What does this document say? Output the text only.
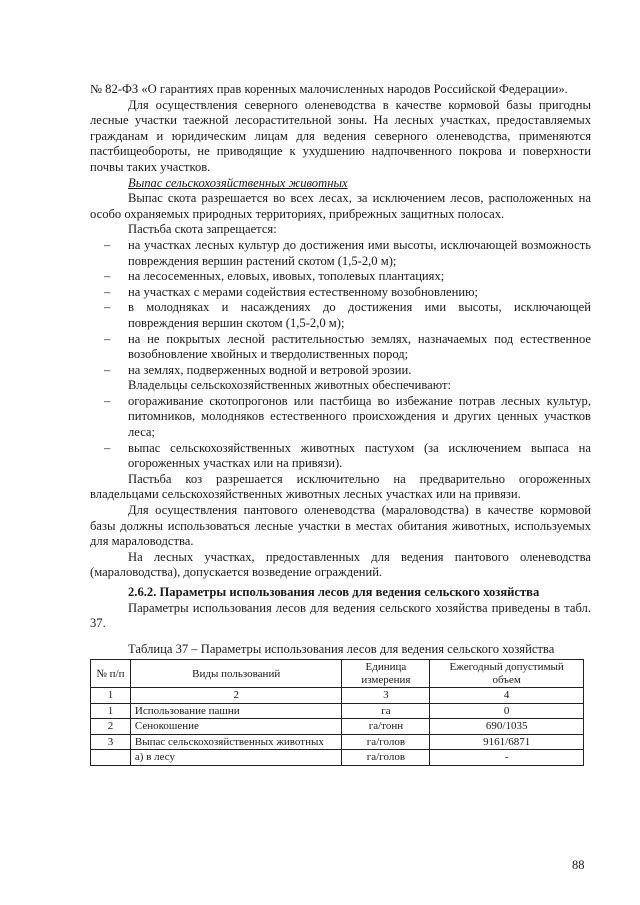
№ 82-ФЗ «О гарантиях прав коренных малочисленных народов Российской Федерации».

Для осуществления северного оленеводства в качестве кормовой базы пригодны лесные участки таежной лесорастительной зоны. На лесных участках, предоставляемых гражданам и юридическим лицам для ведения северного оленеводства, применяются пастбищеобороты, не приводящие к ухудшению надпочвенного покрова и поверхности почвы таких участков.

Выпас сельскохозяйственных животных

Выпас скота разрешается во всех лесах, за исключением лесов, расположенных на особо охраняемых природных территориях, прибрежных защитных полосах.

Пастьба скота запрещается:

– на участках лесных культур до достижения ими высоты, исключающей возможность повреждения вершин растений скотом (1,5-2,0 м);

– на лесосеменных, еловых, ивовых, тополевых плантациях;

– на участках с мерами содействия естественному возобновлению;

– в молодняках и насаждениях до достижения ими высоты, исключающей повреждения вершин скотом (1,5-2,0 м);

– на не покрытых лесной растительностью землях, назначаемых под естественное возобновление хвойных и твердолиственных пород;

– на землях, подверженных водной и ветровой эрозии.

Владельцы сельскохозяйственных животных обеспечивают:

– огораживание скотопрогонов или пастбища во избежание потрав лесных культур, питомников, молодняков естественного происхождения и других ценных участков леса;

– выпас сельскохозяйственных животных пастухом (за исключением выпаса на огороженных участках или на привязи).

Пастьба коз разрешается исключительно на предварительно огороженных владельцами сельскохозяйственных животных лесных участках или на привязи.

Для осуществления пантового оленеводства (мараловодства) в качестве кормовой базы должны использоваться лесные участки в местах обитания животных, используемых для мараловодства.

На лесных участках, предоставленных для ведения пантового оленеводства (мараловодства), допускается возведение ограждений.

2.6.2. Параметры использования лесов для ведения сельского хозяйства

Параметры использования лесов для ведения сельского хозяйства приведены в табл. 37.

Таблица 37 – Параметры использования лесов для ведения сельского хозяйства

№ п/п	Виды пользований	Единица измерения	Ежегодный допустимый объем
1	2	3	4
1	Использование пашни	га	0
2	Сенокошение	га/тонн	690/1035
3	Выпас сельскохозяйственных животных	га/голов	9161/6871
	а) в лесу	га/голов	-
88
